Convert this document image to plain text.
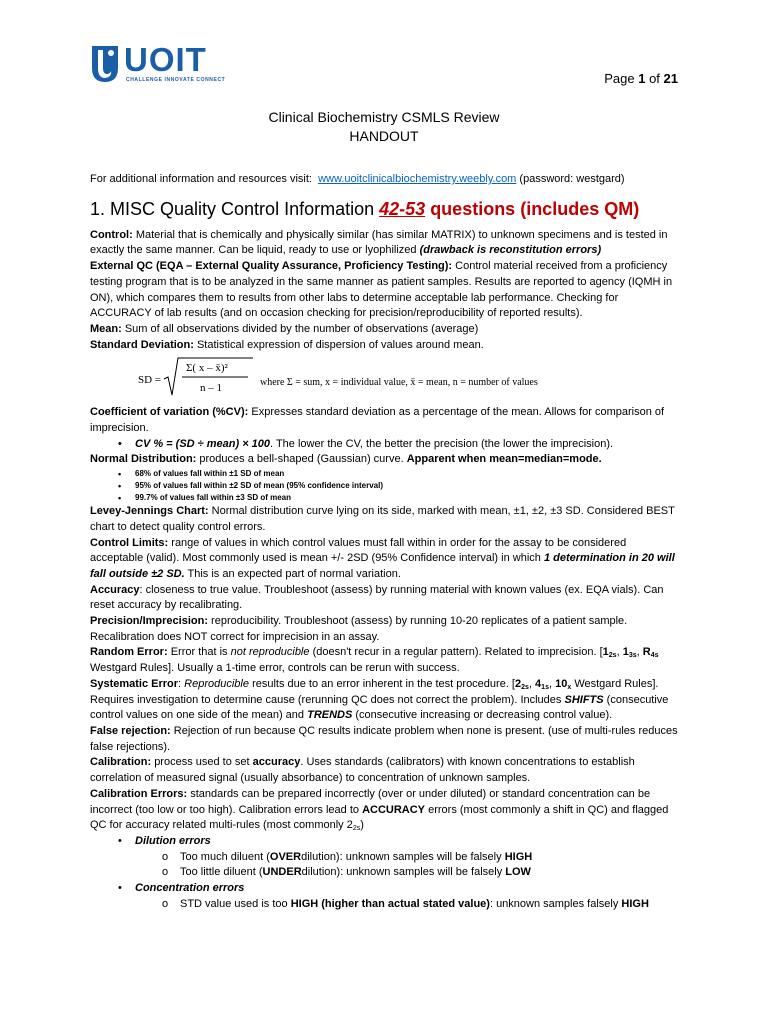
UOIT
CHALLENGE INNOVATE CONNECT	Page 1 of 21
Clinical Biochemistry CSMLS Review
HANDOUT

For additional information and resources visit: www.uoitclinicalbiochemistry.weebly.com (password: westgard)

1. MISC Quality Control Information 42-53 questions (includes QM)

Control: Material that is chemically and physically similar (has similar MATRIX) to unknown specimens and is tested in exactly the same manner. Can be liquid, ready to use or lyophilized (drawback is reconstitution errors)

External QC (EQA – External Quality Assurance, Proficiency Testing): Control material received from a proficiency testing program that is to be analyzed in the same manner as patient samples. Results are reported to agency (IQMH in ON), which compares them to results from other labs to determine acceptable lab performance. Checking for ACCURACY of lab results (and on occasion checking for precision/reproducibility of reported results).

Mean: Sum of all observations divided by the number of observations (average)

Standard Deviation: Statistical expression of dispersion of values around mean.

SD =
Σ( x – x̄)²
n – 1	where Σ = sum, x = individual value, x̄ = mean, n = number of values

Coefficient of variation (%CV): Expresses standard deviation as a percentage of the mean. Allows for comparison of imprecision.

• CV % = (SD ÷ mean) × 100. The lower the CV, the better the precision (the lower the imprecision).

Normal Distribution: produces a bell-shaped (Gaussian) curve. Apparent when mean=median=mode.

• 68% of values fall within ±1 SD of mean
• 95% of values fall within ±2 SD of mean (95% confidence interval)
• 99.7% of values fall within ±3 SD of mean

Levey-Jennings Chart: Normal distribution curve lying on its side, marked with mean, ±1, ±2, ±3 SD. Considered BEST chart to detect quality control errors.

Control Limits: range of values in which control values must fall within in order for the assay to be considered acceptable (valid). Most commonly used is mean +/- 2SD (95% Confidence interval) in which 1 determination in 20 will fall outside ±2 SD. This is an expected part of normal variation.

Accuracy: closeness to true value. Troubleshoot (assess) by running material with known values (ex. EQA vials). Can reset accuracy by recalibrating.

Precision/Imprecision: reproducibility. Troubleshoot (assess) by running 10-20 replicates of a patient sample. Recalibration does NOT correct for imprecision in an assay.

Random Error: Error that is not reproducible (doesn't recur in a regular pattern). Related to imprecision. [$1_{2s}$, $1_{3s}$, $R_{4s}$ Westgard Rules]. Usually a 1-time error, controls can be rerun with success.

Systematic Error: Reproducible results due to an error inherent in the test procedure. [$2_{2s}$, $4_{1s}$, $10_x$ Westgard Rules]. Requires investigation to determine cause (rerunning QC does not correct the problem). Includes SHIFTS (consecutive control values on one side of the mean) and TRENDS (consecutive increasing or decreasing control value).

False rejection: Rejection of run because QC results indicate problem when none is present. (use of multi-rules reduces false rejections).

Calibration: process used to set accuracy. Uses standards (calibrators) with known concentrations to establish correlation of measured signal (usually absorbance) to concentration of unknown samples.

Calibration Errors: standards can be prepared incorrectly (over or under diluted) or standard concentration can be incorrect (too low or too high). Calibration errors lead to ACCURACY errors (most commonly a shift in QC) and flagged QC for accuracy related multi-rules (most commonly $2_{2s}$)

• Dilution errors
o Too much diluent (OVERdilution): unknown samples will be falsely HIGH
o Too little diluent (UNDERdilution): unknown samples will be falsely LOW
• Concentration errors
o STD value used is too HIGH (higher than actual stated value): unknown samples falsely HIGH
